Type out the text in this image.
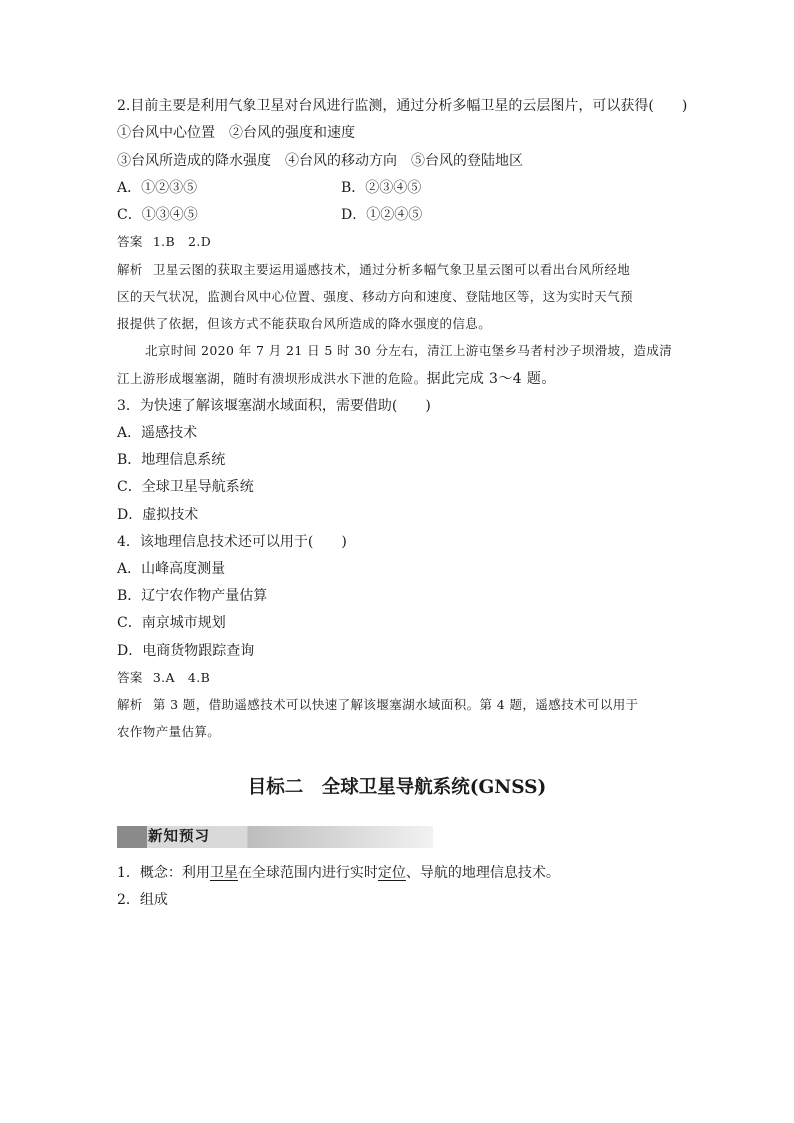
2.目前主要是利用气象卫星对台风进行监测，通过分析多幅卫星的云层图片，可以获得(　　)
①台风中心位置　②台风的强度和速度
③台风所造成的降水强度　④台风的移动方向　⑤台风的登陆地区
A．①②③⑤	B．②③④⑤
C．①③④⑤	D．①②④⑤
答案 1.B　2.D
解析 卫星云图的获取主要运用遥感技术，通过分析多幅气象卫星云图可以看出台风所经地
区的天气状况，监测台风中心位置、强度、移动方向和速度、登陆地区等，这为实时天气预
报提供了依据，但该方式不能获取台风所造成的降水强度的信息。
北京时间 2020 年 7 月 21 日 5 时 30 分左右，清江上游屯堡乡马者村沙子坝滑坡，造成清
江上游形成堰塞湖，随时有溃坝形成洪水下泄的危险。据此完成 3～4 题。
3．为快速了解该堰塞湖水域面积，需要借助(　　)
A．遥感技术
B．地理信息系统
C．全球卫星导航系统
D．虚拟技术
4．该地理信息技术还可以用于(　　)
A．山峰高度测量
B．辽宁农作物产量估算
C．南京城市规划
D．电商货物跟踪查询
答案 3.A　4.B
解析 第 3 题，借助遥感技术可以快速了解该堰塞湖水域面积。第 4 题，遥感技术可以用于
农作物产量估算。
目标二　全球卫星导航系统(GNSS)
新知预习
1．概念：利用卫星在全球范围内进行实时定位、导航的地理信息技术。
2．组成
